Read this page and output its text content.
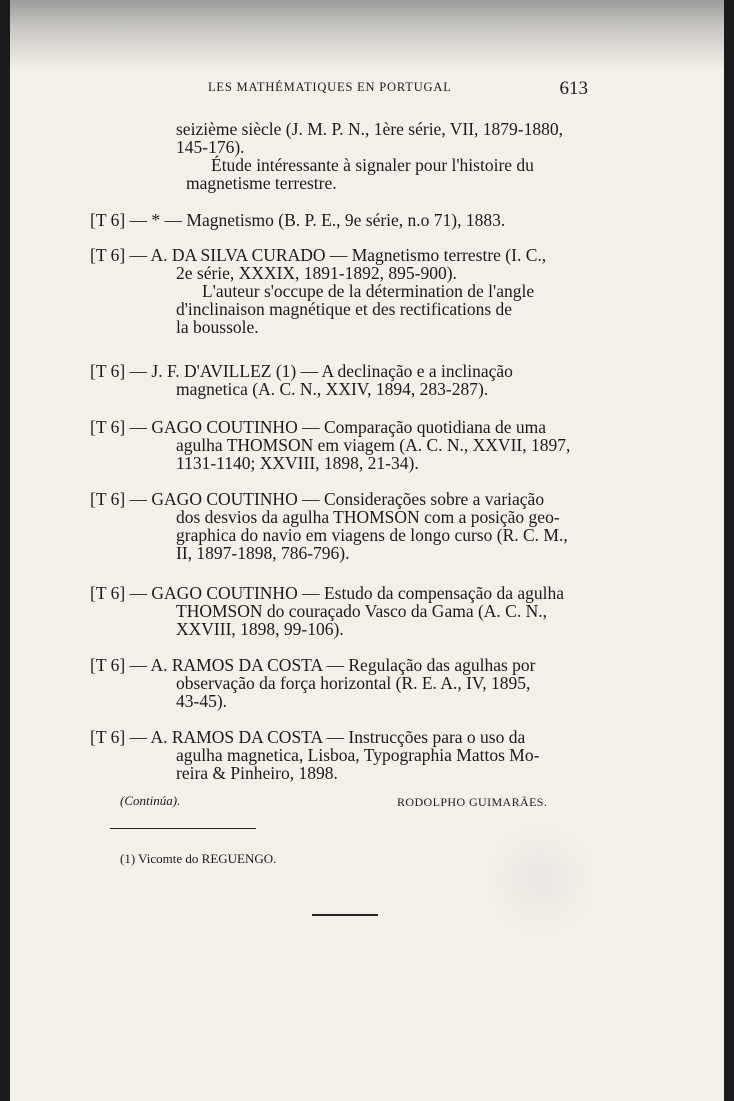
LES MATHÉMATIQUES EN PORTUGAL	613
seizième siècle (J. M. P. N., 1ère série, VII, 1879-1880,
145-176).
Étude intéressante à signaler pour l'histoire du
magnetisme terrestre.
[T 6] — * — Magnetismo (B. P. E., 9e série, n.o 71), 1883.
[T 6] — A. DA SILVA CURADO — Magnetismo terrestre (I. C.,
2e série, XXXIX, 1891-1892, 895-900).
L'auteur s'occupe de la détermination de l'angle
d'inclinaison magnétique et des rectifications de
la boussole.
[T 6] — J. F. D'AVILLEZ (1) — A declinação e a inclinação
magnetica (A. C. N., XXIV, 1894, 283-287).
[T 6] — GAGO COUTINHO — Comparação quotidiana de uma
agulha THOMSON em viagem (A. C. N., XXVII, 1897,
1131-1140; XXVIII, 1898, 21-34).
[T 6] — GAGO COUTINHO — Considerações sobre a variação
dos desvios da agulha THOMSON com a posição geo-
graphica do navio em viagens de longo curso (R. C. M.,
II, 1897-1898, 786-796).
[T 6] — GAGO COUTINHO — Estudo da compensação da agulha
THOMSON do couraçado Vasco da Gama (A. C. N.,
XXVIII, 1898, 99-106).
[T 6] — A. RAMOS DA COSTA — Regulação das agulhas por
observação da força horizontal (R. E. A., IV, 1895,
43-45).
[T 6] — A. RAMOS DA COSTA — Instrucções para o uso da
agulha magnetica, Lisboa, Typographia Mattos Mo-
reira & Pinheiro, 1898.
(Continúa).	RODOLPHO GUIMARÃES.
(1) Vicomte do REGUENGO.
